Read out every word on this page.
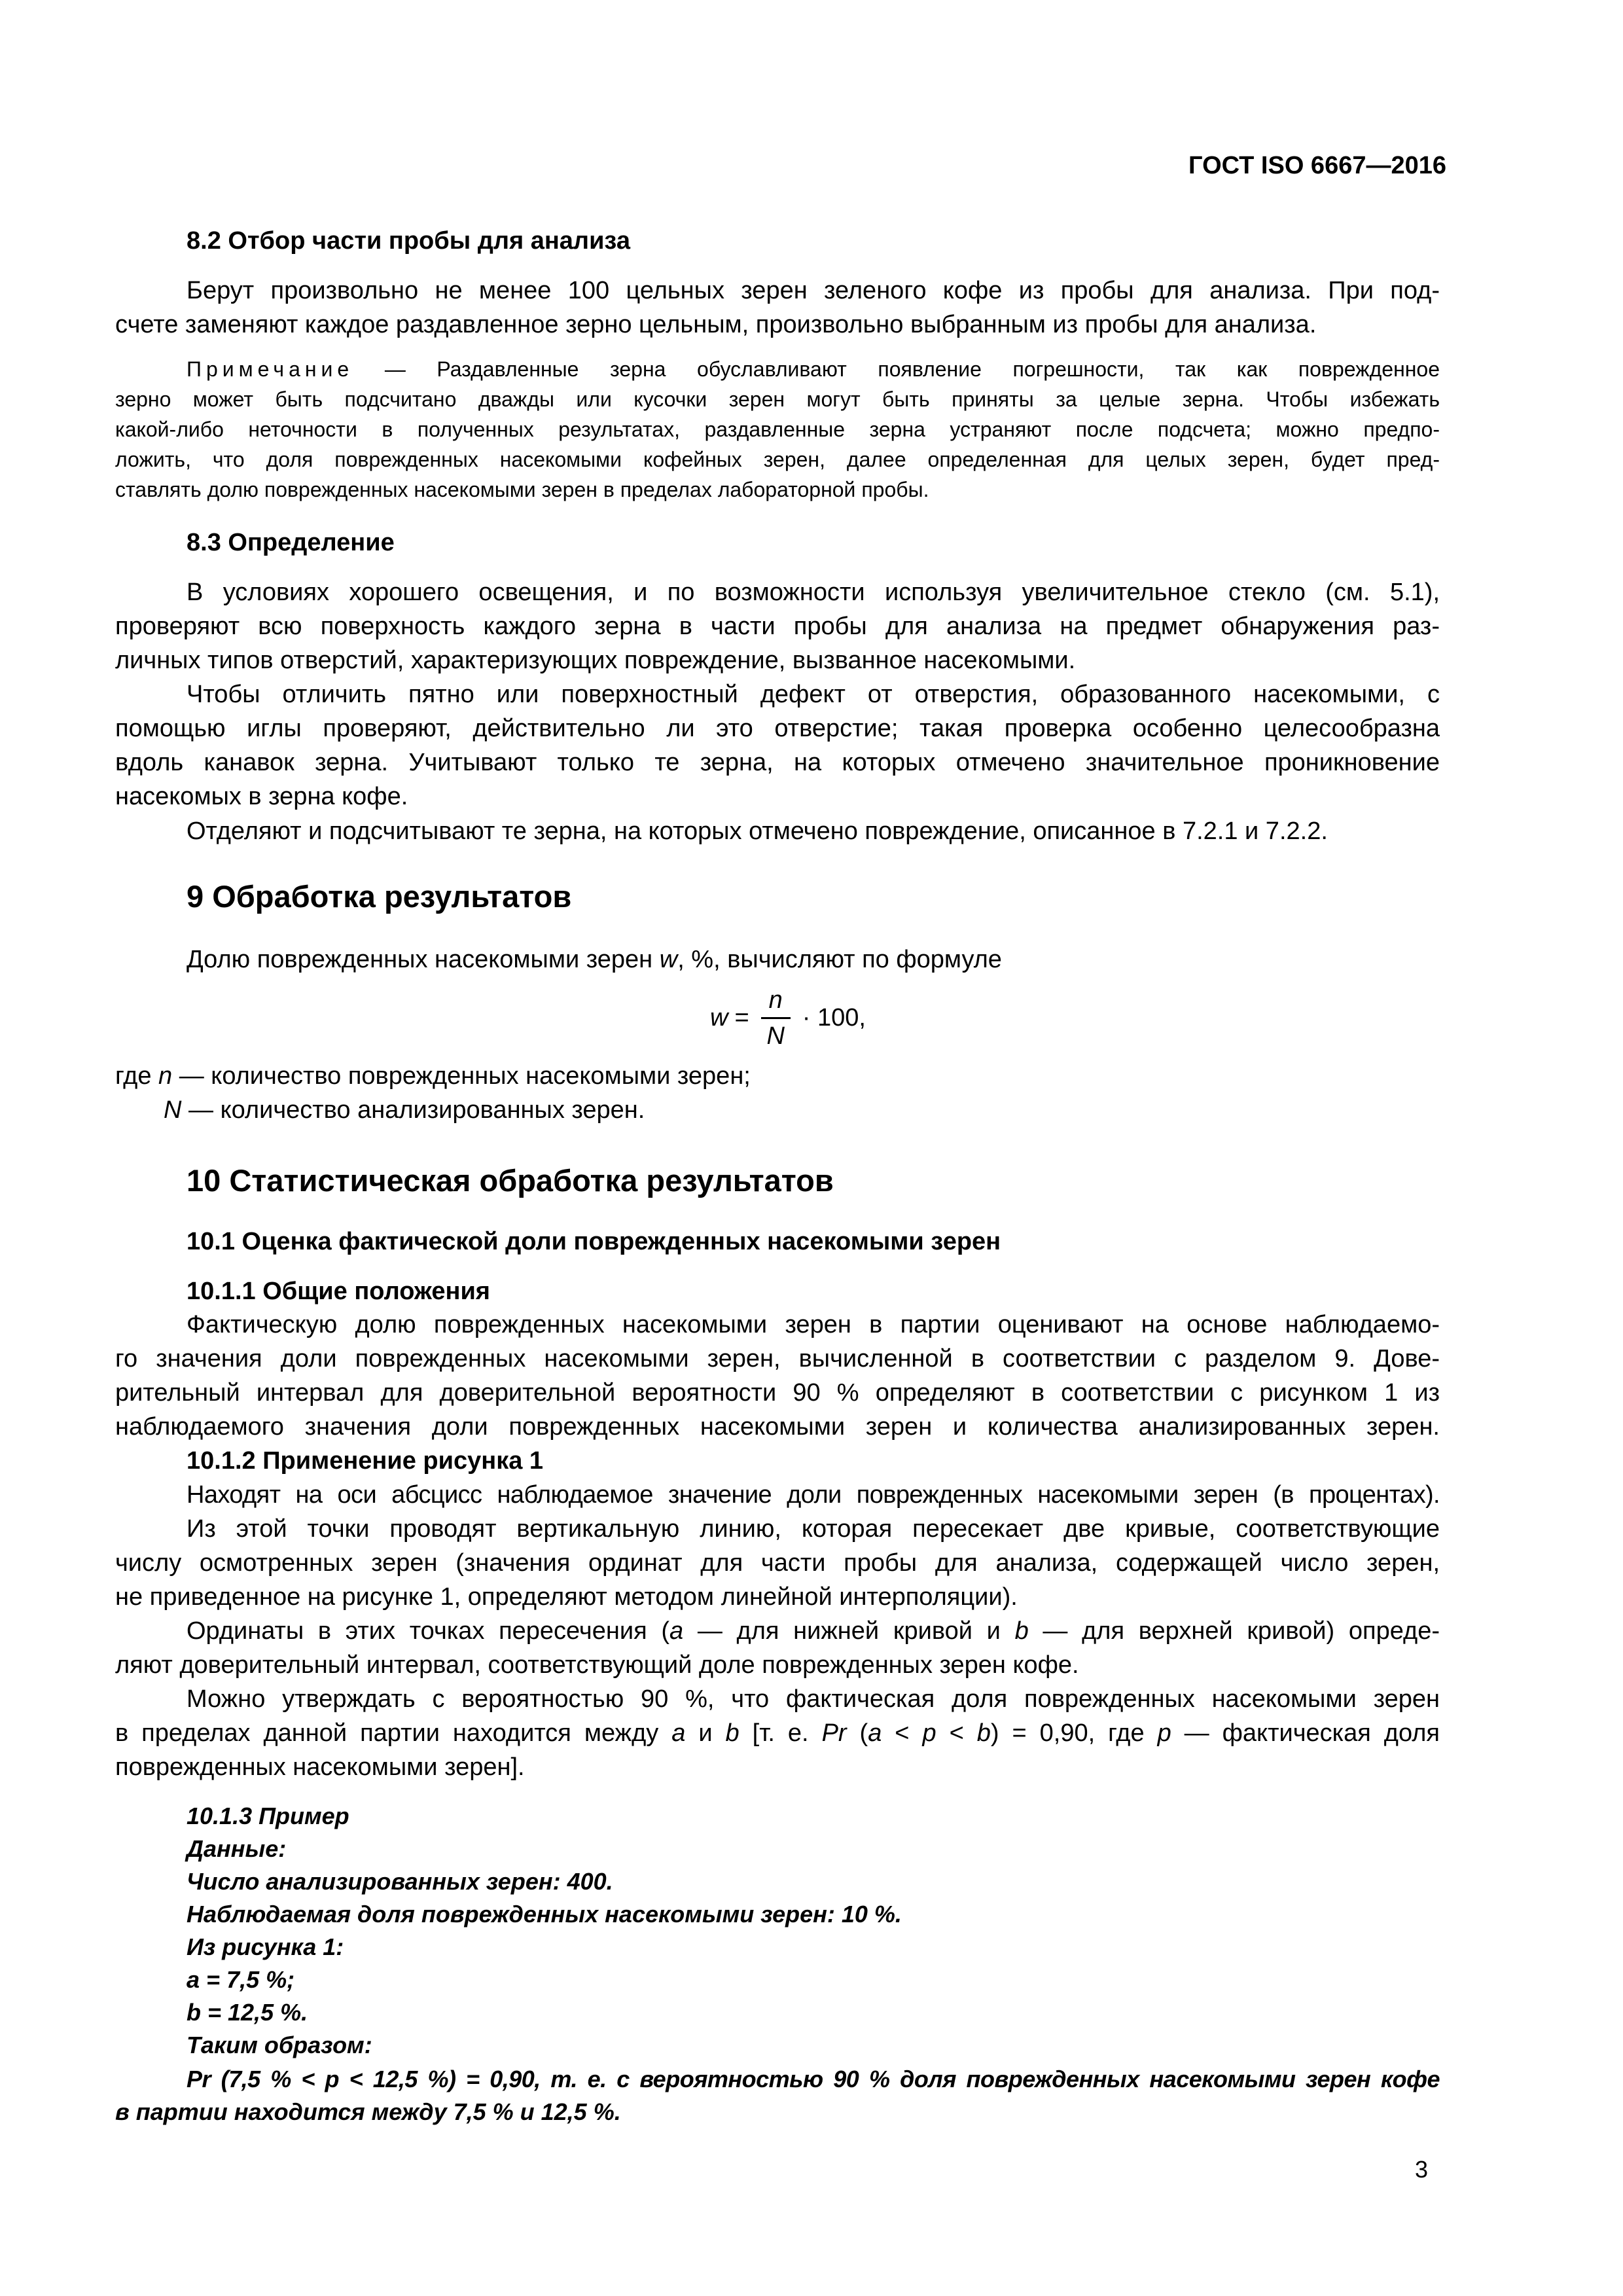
ГОСТ ISO 6667—2016
8.2 Отбор части пробы для анализа
Берут произвольно не менее 100 цельных зерен зеленого кофе из пробы для анализа. При под-
счете заменяют каждое раздавленное зерно цельным, произвольно выбранным из пробы для анализа.
Примечание — Раздавленные зерна обуславливают появление погрешности, так как поврежденное
зерно может быть подсчитано дважды или кусочки зерен могут быть приняты за целые зерна. Чтобы избежать
какой-либо неточности в полученных результатах, раздавленные зерна устраняют после подсчета; можно предпо-
ложить, что доля поврежденных насекомыми кофейных зерен, далее определенная для целых зерен, будет пред-
ставлять долю поврежденных насекомыми зерен в пределах лабораторной пробы.
8.3 Определение
В условиях хорошего освещения, и по возможности используя увеличительное стекло (см. 5.1),
проверяют всю поверхность каждого зерна в части пробы для анализа на предмет обнаружения раз-
личных типов отверстий, характеризующих повреждение, вызванное насекомыми.
Чтобы отличить пятно или поверхностный дефект от отверстия, образованного насекомыми, с
помощью иглы проверяют, действительно ли это отверстие; такая проверка особенно целесообразна
вдоль канавок зерна. Учитывают только те зерна, на которых отмечено значительное проникновение
насекомых в зерна кофе.
Отделяют и подсчитывают те зерна, на которых отмечено повреждение, описанное в 7.2.1 и 7.2.2.
9 Обработка результатов
Долю поврежденных насекомыми зерен w, %, вычисляют по формуле
$w = \frac{n}{N} \cdot 100$,
где n — количество поврежденных насекомыми зерен;
N — количество анализированных зерен.
10 Статистическая обработка результатов
10.1 Оценка фактической доли поврежденных насекомыми зерен
10.1.1 Общие положения
Фактическую долю поврежденных насекомыми зерен в партии оценивают на основе наблюдаемо-
го значения доли поврежденных насекомыми зерен, вычисленной в соответствии с разделом 9. Дове-
рительный интервал для доверительной вероятности 90 % определяют в соответствии с рисунком 1 из
наблюдаемого значения доли поврежденных насекомыми зерен и количества анализированных зерен.
10.1.2 Применение рисунка 1
Находят на оси абсцисс наблюдаемое значение доли поврежденных насекомыми зерен (в процентах).
Из этой точки проводят вертикальную линию, которая пересекает две кривые, соответствующие
числу осмотренных зерен (значения ординат для части пробы для анализа, содержащей число зерен,
не приведенное на рисунке 1, определяют методом линейной интерполяции).
Ординаты в этих точках пересечения (a — для нижней кривой и b — для верхней кривой) опреде-
ляют доверительный интервал, соответствующий доле поврежденных зерен кофе.
Можно утверждать с вероятностью 90 %, что фактическая доля поврежденных насекомыми зерен
в пределах данной партии находится между a и b [т. е. Pr (a < p < b) = 0,90, где p — фактическая доля
поврежденных насекомыми зерен].
10.1.3 Пример
Данные:
Число анализированных зерен: 400.
Наблюдаемая доля поврежденных насекомыми зерен: 10 %.
Из рисунка 1:
a = 7,5 %;
b = 12,5 %.
Таким образом:
Pr (7,5 % < p < 12,5 %) = 0,90, т. е. с вероятностью 90 % доля поврежденных насекомыми зерен кофе
в партии находится между 7,5 % и 12,5 %.
3
